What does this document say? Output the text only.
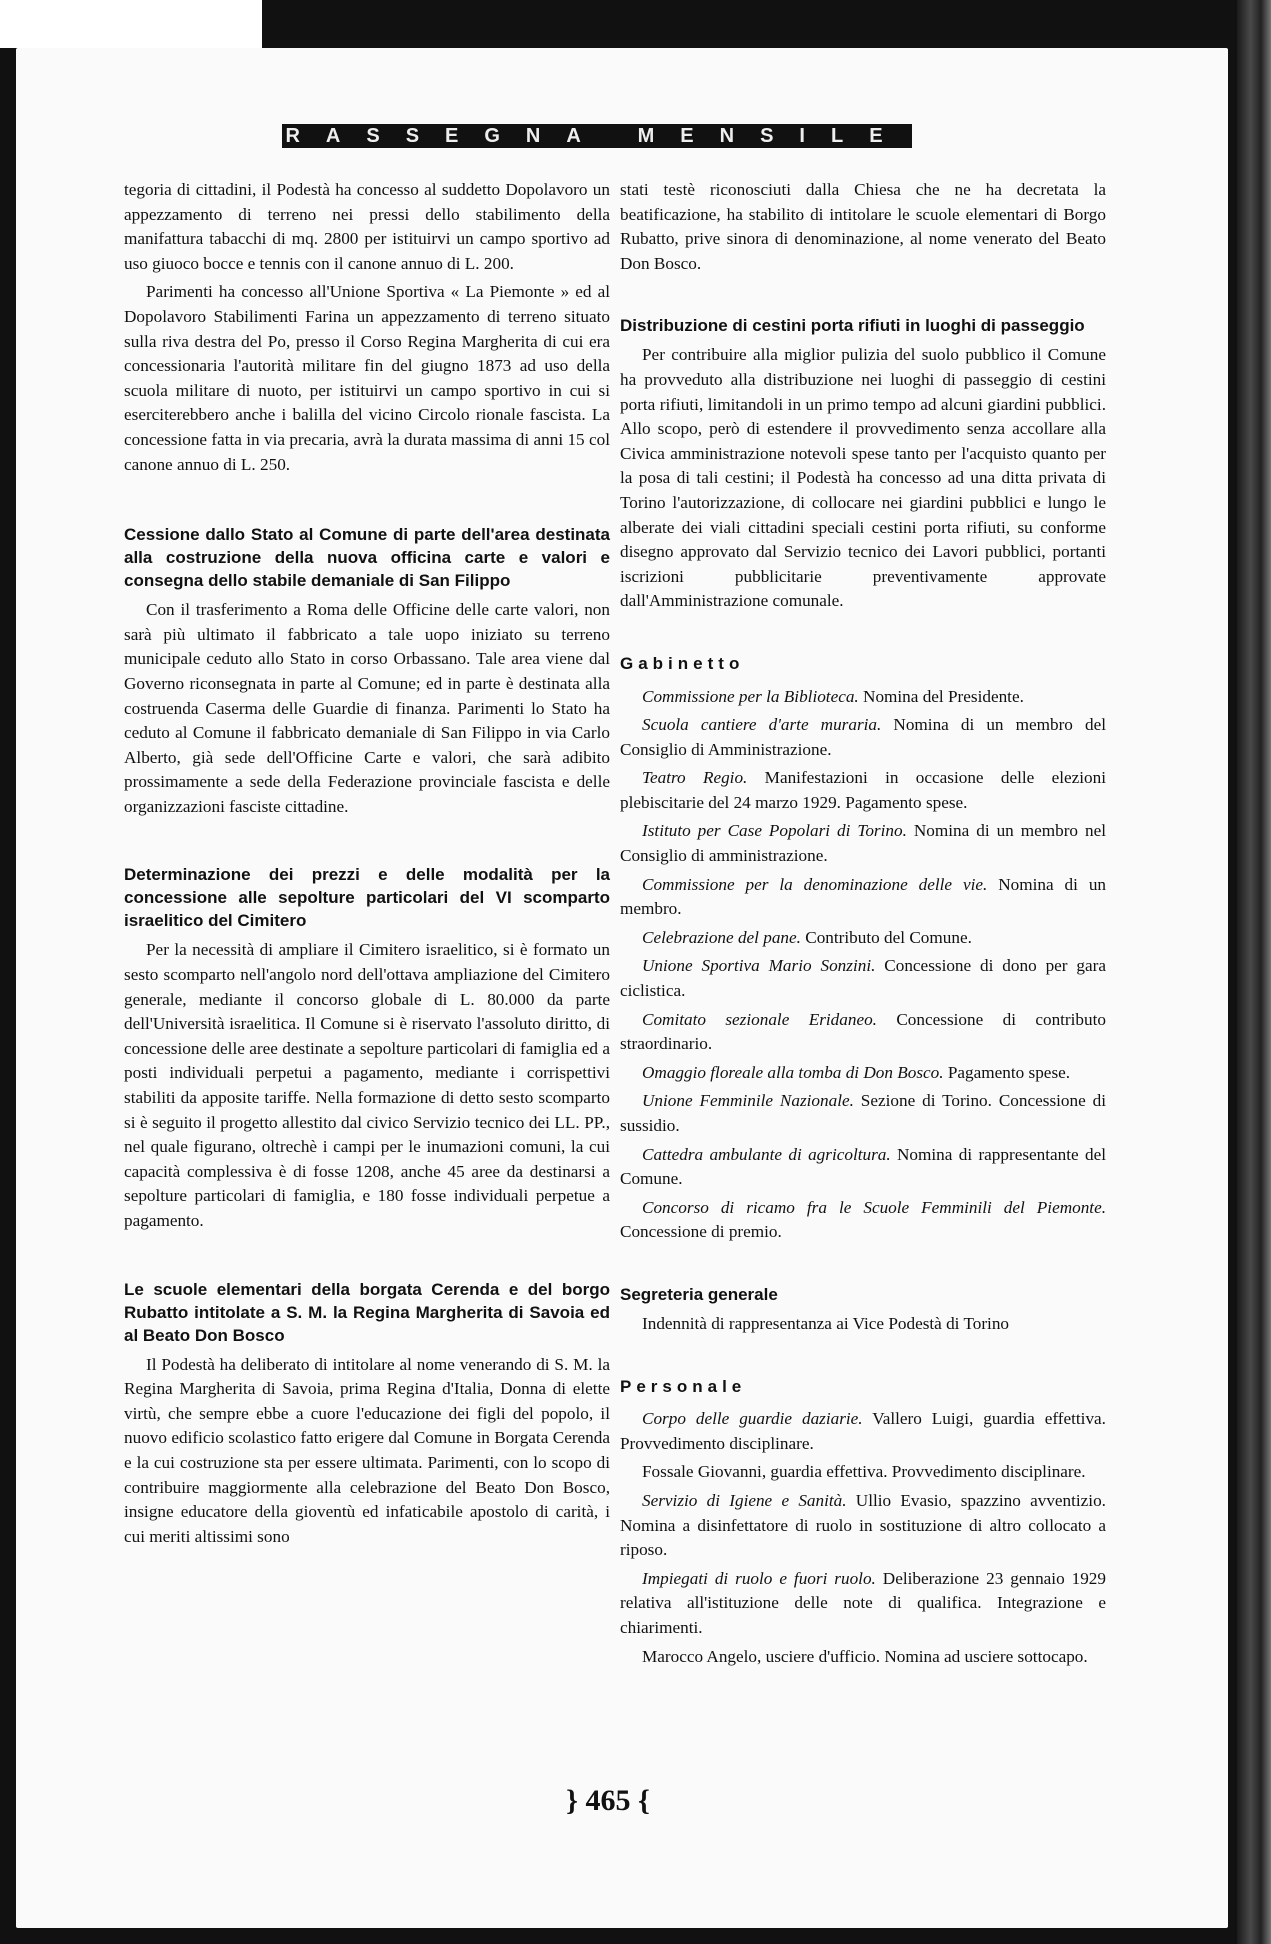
RASSEGNA MENSILE

tegoria di cittadini, il Podestà ha concesso al suddetto Dopolavoro un appezzamento di terreno nei pressi dello stabilimento della manifattura tabacchi di mq. 2800 per istituirvi un campo sportivo ad uso giuoco bocce e tennis con il canone annuo di L. 200.

Parimenti ha concesso all'Unione Sportiva « La Piemonte » ed al Dopolavoro Stabilimenti Farina un appezzamento di terreno situato sulla riva destra del Po, presso il Corso Regina Margherita di cui era concessionaria l'autorità militare fin del giugno 1873 ad uso della scuola militare di nuoto, per istituirvi un campo sportivo in cui si eserciterebbero anche i balilla del vicino Circolo rionale fascista. La concessione fatta in via precaria, avrà la durata massima di anni 15 col canone annuo di L. 250.

Cessione dallo Stato al Comune di parte dell'area destinata alla costruzione della nuova officina carte e valori e consegna dello stabile demaniale di San Filippo

Con il trasferimento a Roma delle Officine delle carte valori, non sarà più ultimato il fabbricato a tale uopo iniziato su terreno municipale ceduto allo Stato in corso Orbassano. Tale area viene dal Governo riconsegnata in parte al Comune; ed in parte è destinata alla costruenda Caserma delle Guardie di finanza. Parimenti lo Stato ha ceduto al Comune il fabbricato demaniale di San Filippo in via Carlo Alberto, già sede dell'Officine Carte e valori, che sarà adibito prossimamente a sede della Federazione provinciale fascista e delle organizzazioni fasciste cittadine.

Determinazione dei prezzi e delle modalità per la concessione alle sepolture particolari del VI scomparto israelitico del Cimitero

Per la necessità di ampliare il Cimitero israelitico, si è formato un sesto scomparto nell'angolo nord dell'ottava ampliazione del Cimitero generale, mediante il concorso globale di L. 80.000 da parte dell'Università israelitica. Il Comune si è riservato l'assoluto diritto, di concessione delle aree destinate a sepolture particolari di famiglia ed a posti individuali perpetui a pagamento, mediante i corrispettivi stabiliti da apposite tariffe. Nella formazione di detto sesto scomparto si è seguito il progetto allestito dal civico Servizio tecnico dei LL. PP., nel quale figurano, oltrechè i campi per le inumazioni comuni, la cui capacità complessiva è di fosse 1208, anche 45 aree da destinarsi a sepolture particolari di famiglia, e 180 fosse individuali perpetue a pagamento.

Le scuole elementari della borgata Cerenda e del borgo Rubatto intitolate a S. M. la Regina Margherita di Savoia ed al Beato Don Bosco

Il Podestà ha deliberato di intitolare al nome venerando di S. M. la Regina Margherita di Savoia, prima Regina d'Italia, Donna di elette virtù, che sempre ebbe a cuore l'educazione dei figli del popolo, il nuovo edificio scolastico fatto erigere dal Comune in Borgata Cerenda e la cui costruzione sta per essere ultimata. Parimenti, con lo scopo di contribuire maggiormente alla celebrazione del Beato Don Bosco, insigne educatore della gioventù ed infaticabile apostolo di carità, i cui meriti altissimi sono

stati testè riconosciuti dalla Chiesa che ne ha decretata la beatificazione, ha stabilito di intitolare le scuole elementari di Borgo Rubatto, prive sinora di denominazione, al nome venerato del Beato Don Bosco.

Distribuzione di cestini porta rifiuti in luoghi di passeggio

Per contribuire alla miglior pulizia del suolo pubblico il Comune ha provveduto alla distribuzione nei luoghi di passeggio di cestini porta rifiuti, limitandoli in un primo tempo ad alcuni giardini pubblici. Allo scopo, però di estendere il provvedimento senza accollare alla Civica amministrazione notevoli spese tanto per l'acquisto quanto per la posa di tali cestini; il Podestà ha concesso ad una ditta privata di Torino l'autorizzazione, di collocare nei giardini pubblici e lungo le alberate dei viali cittadini speciali cestini porta rifiuti, su conforme disegno approvato dal Servizio tecnico dei Lavori pubblici, portanti iscrizioni pubblicitarie preventivamente approvate dall'Amministrazione comunale.

Gabinetto

Commissione per la Biblioteca. Nomina del Presidente.

Scuola cantiere d'arte muraria. Nomina di un membro del Consiglio di Amministrazione.

Teatro Regio. Manifestazioni in occasione delle elezioni plebiscitarie del 24 marzo 1929. Pagamento spese.

Istituto per Case Popolari di Torino. Nomina di un membro nel Consiglio di amministrazione.

Commissione per la denominazione delle vie. Nomina di un membro.

Celebrazione del pane. Contributo del Comune.

Unione Sportiva Mario Sonzini. Concessione di dono per gara ciclistica.

Comitato sezionale Eridaneo. Concessione di contributo straordinario.

Omaggio floreale alla tomba di Don Bosco. Pagamento spese.

Unione Femminile Nazionale. Sezione di Torino. Concessione di sussidio.

Cattedra ambulante di agricoltura. Nomina di rappresentante del Comune.

Concorso di ricamo fra le Scuole Femminili del Piemonte. Concessione di premio.

Segreteria generale

Indennità di rappresentanza ai Vice Podestà di Torino

Personale

Corpo delle guardie daziarie. Vallero Luigi, guardia effettiva. Provvedimento disciplinare.

Fossale Giovanni, guardia effettiva. Provvedimento disciplinare.

Servizio di Igiene e Sanità. Ullio Evasio, spazzino avventizio. Nomina a disinfettatore di ruolo in sostituzione di altro collocato a riposo.

Impiegati di ruolo e fuori ruolo. Deliberazione 23 gennaio 1929 relativa all'istituzione delle note di qualifica. Integrazione e chiarimenti.

Marocco Angelo, usciere d'ufficio. Nomina ad usciere sottocapo.

} 465 {
